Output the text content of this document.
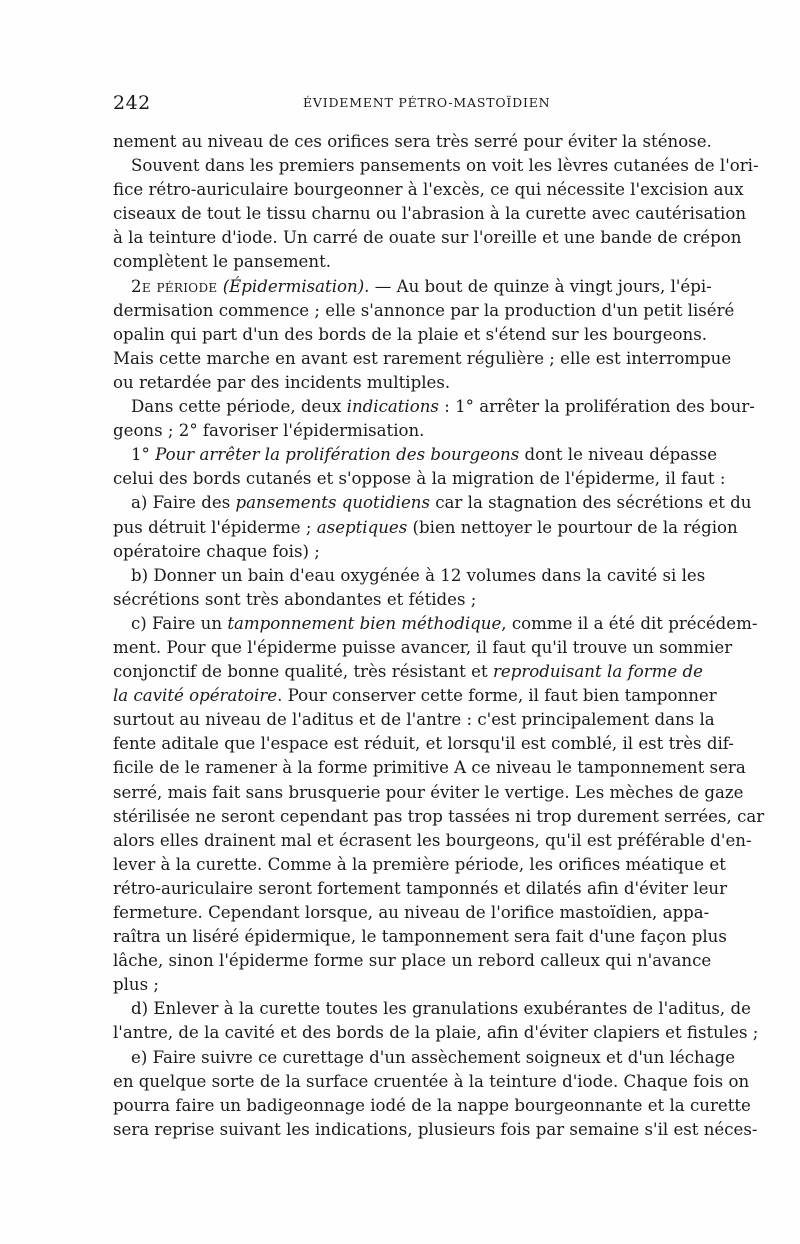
242	ÉVIDEMENT PÉTRO-MASTOÏDIEN
nement au niveau de ces orifices sera très serré pour éviter la sténose.
Souvent dans les premiers pansements on voit les lèvres cutanées de l'ori-
fice rétro-auriculaire bourgeonner à l'excès, ce qui nécessite l'excision aux
ciseaux de tout le tissu charnu ou l'abrasion à la curette avec cautérisation
à la teinture d'iode. Un carré de ouate sur l'oreille et une bande de crépon
complètent le pansement.
2e période (Épidermisation). — Au bout de quinze à vingt jours, l'épi-
dermisation commence ; elle s'annonce par la production d'un petit liséré
opalin qui part d'un des bords de la plaie et s'étend sur les bourgeons.
Mais cette marche en avant est rarement régulière ; elle est interrompue
ou retardée par des incidents multiples.
Dans cette période, deux indications : 1° arrêter la prolifération des bour-
geons ; 2° favoriser l'épidermisation.
1° Pour arrêter la prolifération des bourgeons dont le niveau dépasse
celui des bords cutanés et s'oppose à la migration de l'épiderme, il faut :
a) Faire des pansements quotidiens car la stagnation des sécrétions et du
pus détruit l'épiderme ; aseptiques (bien nettoyer le pourtour de la région
opératoire chaque fois) ;
b) Donner un bain d'eau oxygénée à 12 volumes dans la cavité si les
sécrétions sont très abondantes et fétides ;
c) Faire un tamponnement bien méthodique, comme il a été dit précédem-
ment. Pour que l'épiderme puisse avancer, il faut qu'il trouve un sommier
conjonctif de bonne qualité, très résistant et reproduisant la forme de
la cavité opératoire. Pour conserver cette forme, il faut bien tamponner
surtout au niveau de l'aditus et de l'antre : c'est principalement dans la
fente aditale que l'espace est réduit, et lorsqu'il est comblé, il est très dif-
ficile de le ramener à la forme primitive A ce niveau le tamponnement sera
serré, mais fait sans brusquerie pour éviter le vertige. Les mèches de gaze
stérilisée ne seront cependant pas trop tassées ni trop durement serrées, car
alors elles drainent mal et écrasent les bourgeons, qu'il est préférable d'en-
lever à la curette. Comme à la première période, les orifices méatique et
rétro-auriculaire seront fortement tamponnés et dilatés afin d'éviter leur
fermeture. Cependant lorsque, au niveau de l'orifice mastoïdien, appa-
raîtra un liséré épidermique, le tamponnement sera fait d'une façon plus
lâche, sinon l'épiderme forme sur place un rebord calleux qui n'avance
plus ;
d) Enlever à la curette toutes les granulations exubérantes de l'aditus, de
l'antre, de la cavité et des bords de la plaie, afin d'éviter clapiers et fistules ;
e) Faire suivre ce curettage d'un assèchement soigneux et d'un léchage
en quelque sorte de la surface cruentée à la teinture d'iode. Chaque fois on
pourra faire un badigeonnage iodé de la nappe bourgeonnante et la curette
sera reprise suivant les indications, plusieurs fois par semaine s'il est néces-
